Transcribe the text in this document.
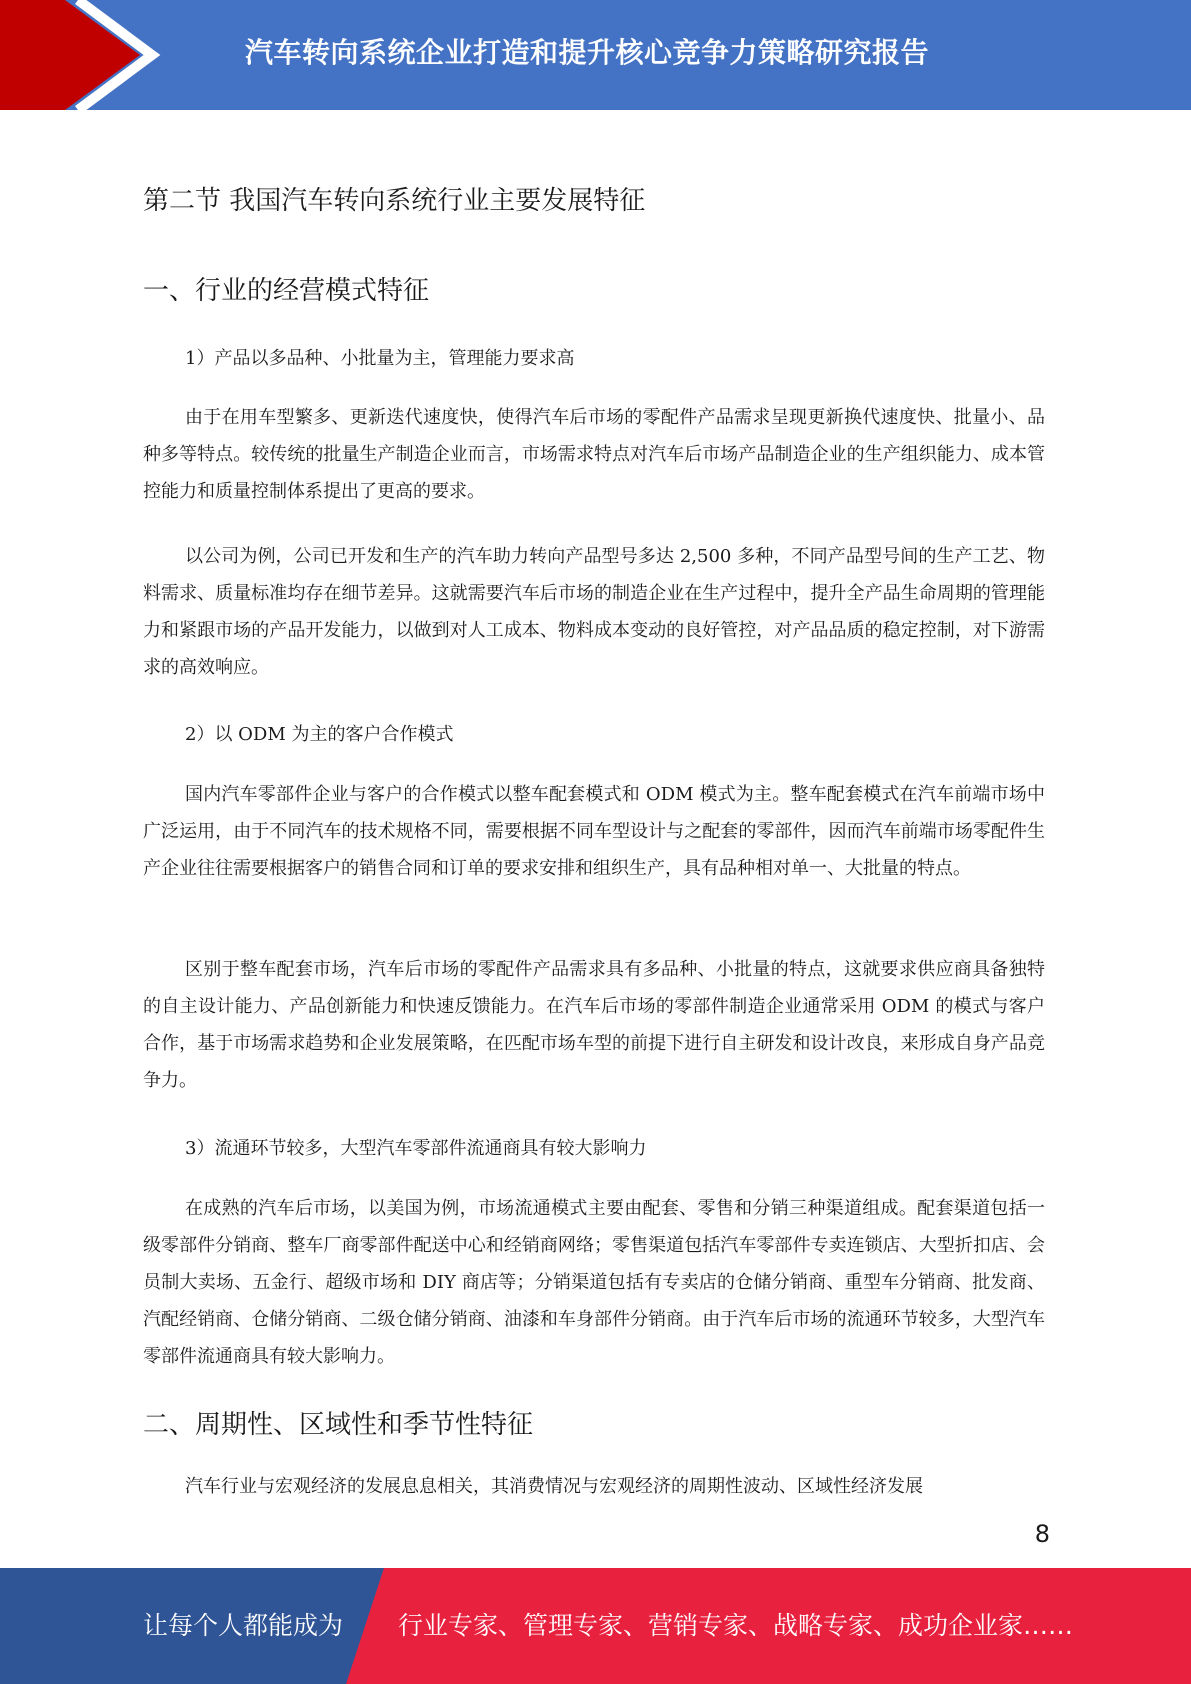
汽车转向系统企业打造和提升核心竞争力策略研究报告
第二节 我国汽车转向系统行业主要发展特征
一、行业的经营模式特征
1）产品以多品种、小批量为主，管理能力要求高

由于在用车型繁多、更新迭代速度快，使得汽车后市场的零配件产品需求呈现更新换代速度快、批量小、品种多等特点。较传统的批量生产制造企业而言，市场需求特点对汽车后市场产品制造企业的生产组织能力、成本管控能力和质量控制体系提出了更高的要求。

以公司为例，公司已开发和生产的汽车助力转向产品型号多达 2,500 多种，不同产品型号间的生产工艺、物料需求、质量标准均存在细节差异。这就需要汽车后市场的制造企业在生产过程中，提升全产品生命周期的管理能力和紧跟市场的产品开发能力，以做到对人工成本、物料成本变动的良好管控，对产品品质的稳定控制，对下游需求的高效响应。

2）以 ODM 为主的客户合作模式

国内汽车零部件企业与客户的合作模式以整车配套模式和 ODM 模式为主。整车配套模式在汽车前端市场中广泛运用，由于不同汽车的技术规格不同，需要根据不同车型设计与之配套的零部件，因而汽车前端市场零配件生产企业往往需要根据客户的销售合同和订单的要求安排和组织生产，具有品种相对单一、大批量的特点。

区别于整车配套市场，汽车后市场的零配件产品需求具有多品种、小批量的特点，这就要求供应商具备独特的自主设计能力、产品创新能力和快速反馈能力。在汽车后市场的零部件制造企业通常采用 ODM 的模式与客户合作，基于市场需求趋势和企业发展策略，在匹配市场车型的前提下进行自主研发和设计改良，来形成自身产品竞争力。

3）流通环节较多，大型汽车零部件流通商具有较大影响力

在成熟的汽车后市场，以美国为例，市场流通模式主要由配套、零售和分销三种渠道组成。配套渠道包括一级零部件分销商、整车厂商零部件配送中心和经销商网络；零售渠道包括汽车零部件专卖连锁店、大型折扣店、会员制大卖场、五金行、超级市场和 DIY 商店等；分销渠道包括有专卖店的仓储分销商、重型车分销商、批发商、汽配经销商、仓储分销商、二级仓储分销商、油漆和车身部件分销商。由于汽车后市场的流通环节较多，大型汽车零部件流通商具有较大影响力。

二、周期性、区域性和季节性特征

汽车行业与宏观经济的发展息息相关，其消费情况与宏观经济的周期性波动、区域性经济发展

8
让每个人都能成为 行业专家、管理专家、营销专家、战略专家、成功企业家……
